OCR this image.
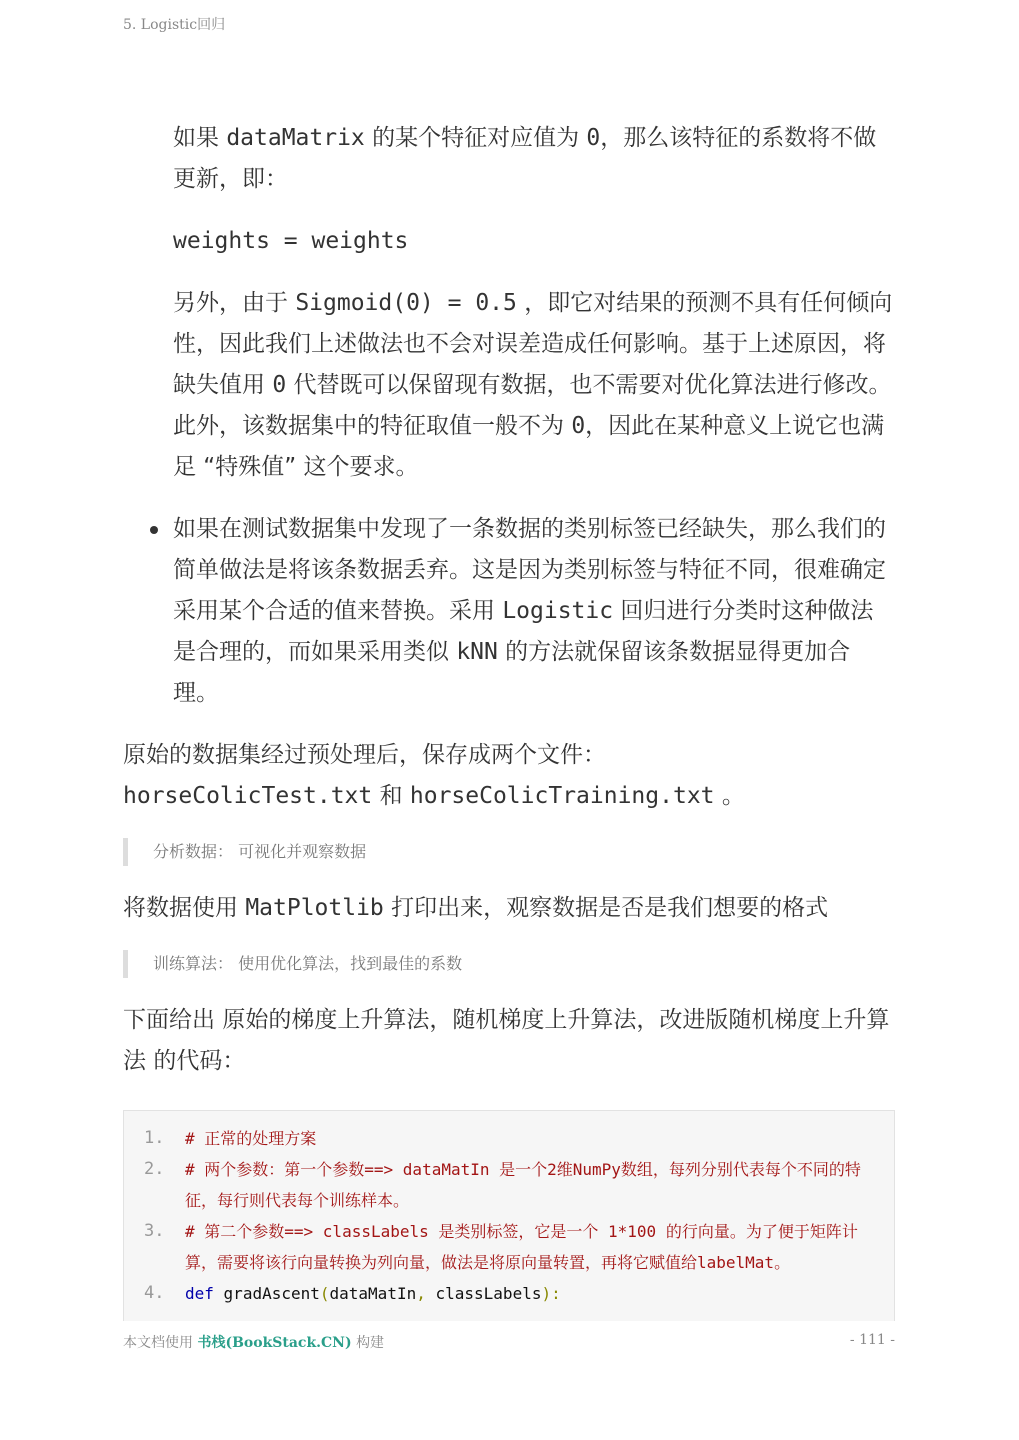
5. Logistic回归
如果 dataMatrix 的某个特征对应值为 0，那么该特征的系数将不做更新，即：
weights = weights
另外，由于 Sigmoid(0) = 0.5 ，即它对结果的预测不具有任何倾向性，因此我们上述做法也不会对误差造成任何影响。基于上述原因，将缺失值用 0 代替既可以保留现有数据，也不需要对优化算法进行修改。此外，该数据集中的特征取值一般不为 0，因此在某种意义上说它也满足 “特殊值” 这个要求。
如果在测试数据集中发现了一条数据的类别标签已经缺失，那么我们的简单做法是将该条数据丢弃。这是因为类别标签与特征不同，很难确定采用某个合适的值来替换。采用 Logistic 回归进行分类时这种做法是合理的，而如果采用类似 kNN 的方法就保留该条数据显得更加合理。
原始的数据集经过预处理后，保存成两个文件：
horseColicTest.txt 和 horseColicTraining.txt 。
分析数据： 可视化并观察数据
将数据使用 MatPlotlib 打印出来，观察数据是否是我们想要的格式
训练算法： 使用优化算法，找到最佳的系数
下面给出 原始的梯度上升算法，随机梯度上升算法，改进版随机梯度上升算法 的代码：
1. # 正常的处理方案
2. # 两个参数：第一个参数==> dataMatIn 是一个2维NumPy数组，每列分别代表每个不同的特征，每行则代表每个训练样本。
3. # 第二个参数==> classLabels 是类别标签，它是一个 1*100 的行向量。为了便于矩阵计算，需要将该行向量转换为列向量，做法是将原向量转置，再将它赋值给labelMat。
4. def gradAscent(dataMatIn, classLabels):
本文档使用 书栈(BookStack.CN) 构建	- 111 -
